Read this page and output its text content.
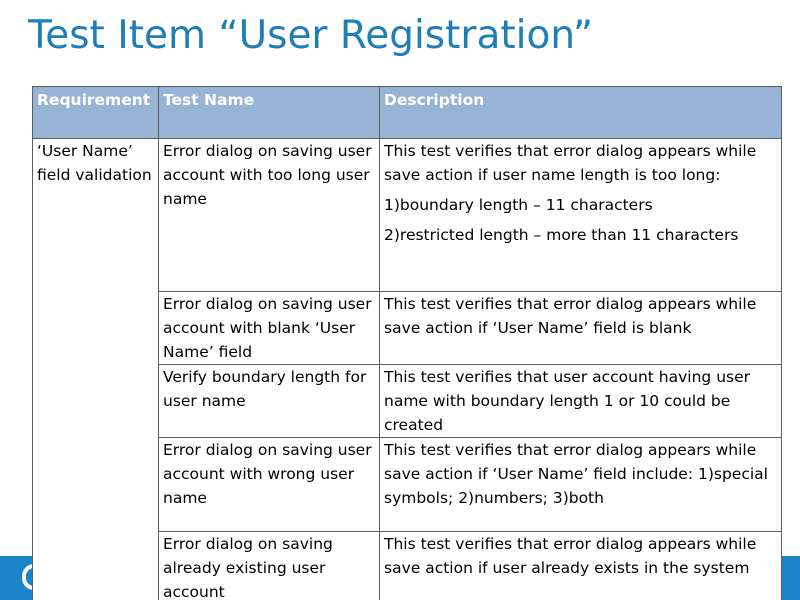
Test Item “User Registration”
Requirement	Test Name	Description
‘User Name’ field validation	Error dialog on saving user account with too long user name	This test verifies that error dialog appears while save action if user name length is too long:
1)boundary length – 11 characters
2)restricted length – more than 11 characters

	Error dialog on saving user account with blank ‘User Name’ field	This test verifies that error dialog appears while save action if ‘User Name’ field is blank
	Verify boundary length for user name	This test verifies that user account having user name with boundary length 1 or 10 could be created
	Error dialog on saving user account with wrong user name	This test verifies that error dialog appears while save action if ‘User Name’ field include: 1)special symbols; 2)numbers; 3)both
	Error dialog on saving already existing user account	This test verifies that error dialog appears while save action if user already exists in the system
